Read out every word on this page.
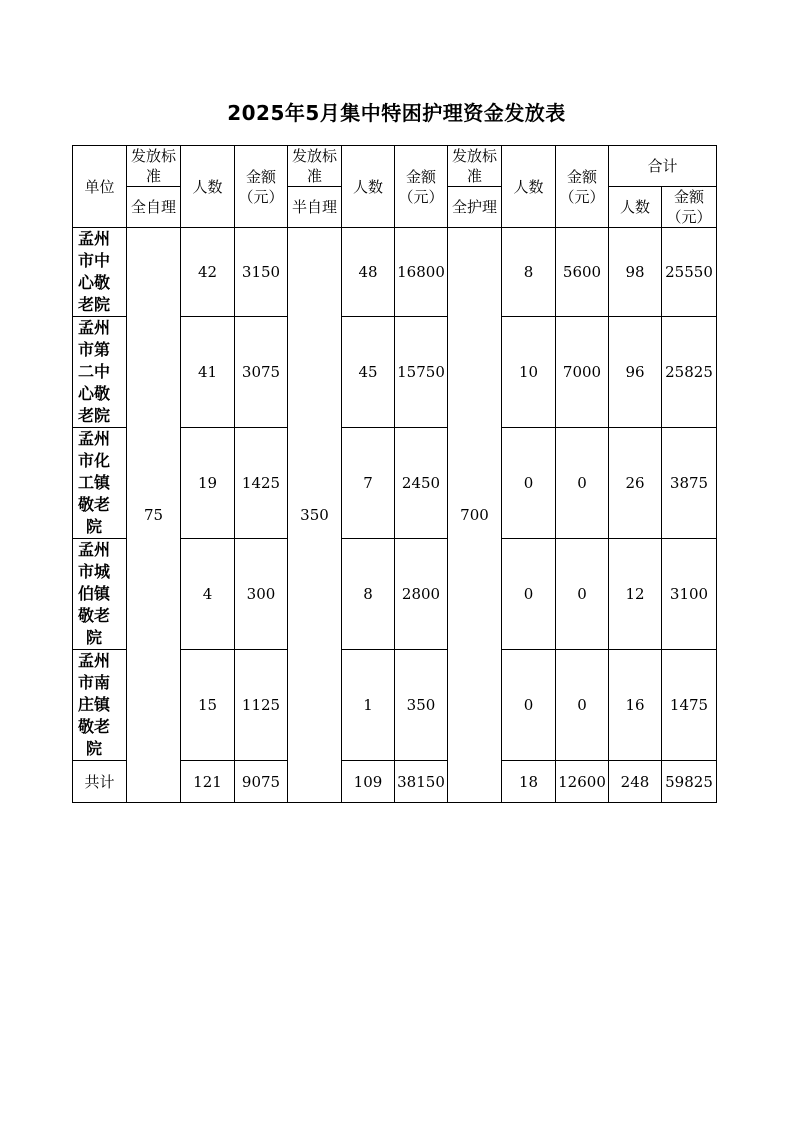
2025年5月集中特困护理资金发放表
单位	发放标准	人数	金额
（元）	发放标准	人数	金额
（元）	发放标准	人数	金额
（元）	合计	
	全自理			半自理			全护理			人数	金额
（元）

孟州市中心敬老院	75	42	3150	350	48	16800	700	8	5600	98	25550

孟州市第二中心敬老院		41	3075		45	15750		10	7000	96	25825

孟州市化工镇敬老院		19	1425		7	2450		0	0	26	3875

孟州市城伯镇敬老院		4	300		8	2800		0	0	12	3100

孟州市南庄镇敬老院		15	1125		1	350		0	0	16	1475
共计		121	9075		109	38150		18	12600	248	59825
